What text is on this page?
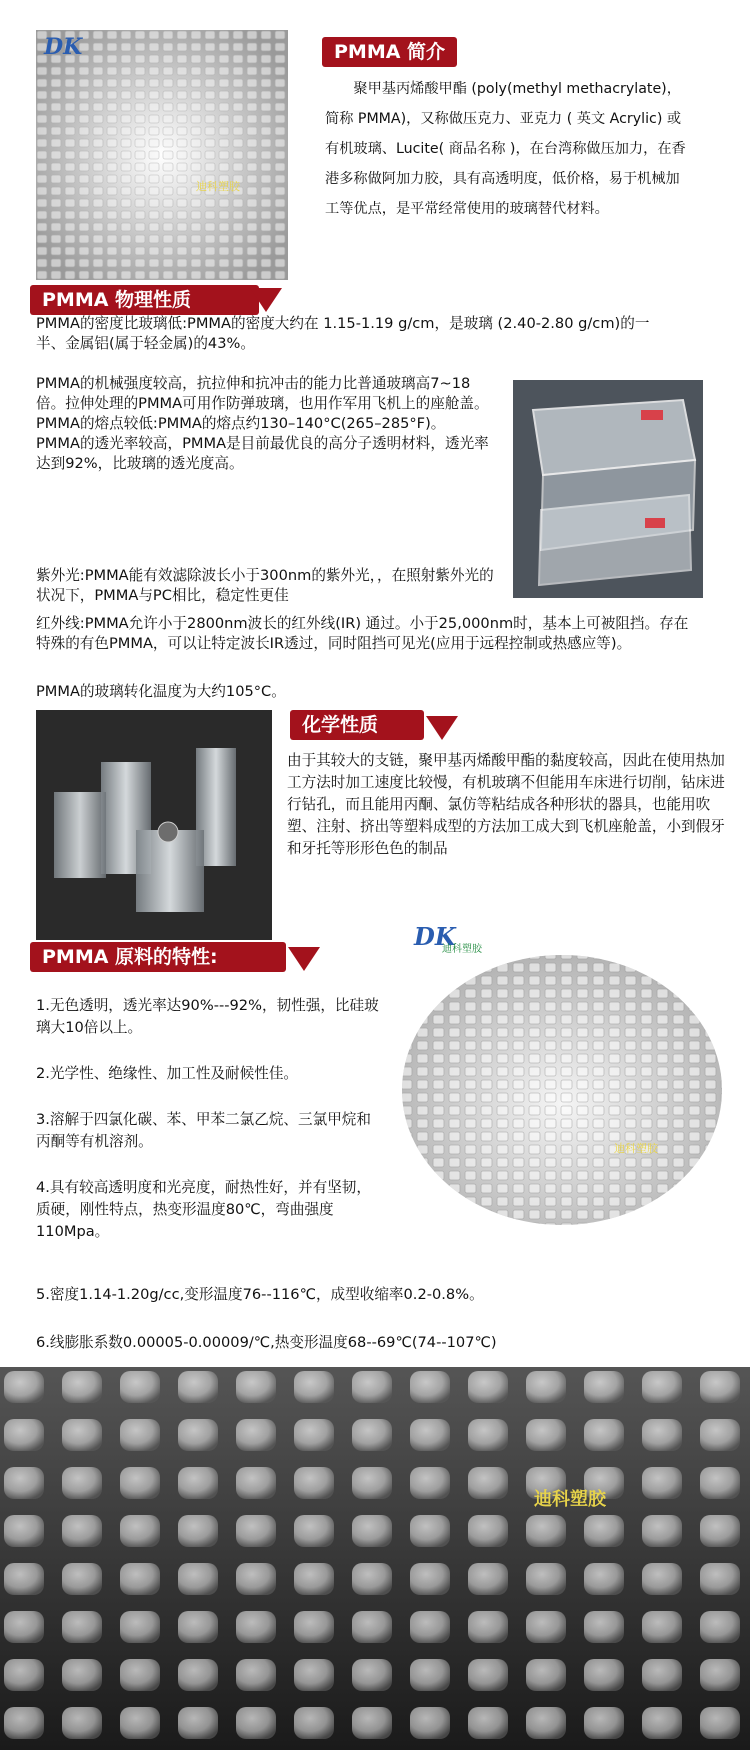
DK
迪科塑胶
PMMA 简介
　　聚甲基丙烯酸甲酯 (poly(methyl methacrylate)，简称 PMMA)，又称做压克力、亚克力 ( 英文 Acrylic) 或有机玻璃、Lucite( 商品名称 )，在台湾称做压加力，在香港多称做阿加力胶，具有高透明度，低价格，易于机械加工等优点，是平常经常使用的玻璃替代材料。
PMMA 物理性质

PMMA的密度比玻璃低:PMMA的密度大约在 1.15-1.19 g/cm，是玻璃 (2.40-2.80 g/cm)的一半、金属铝(属于轻金属)的43%。

PMMA的机械强度较高，抗拉伸和抗冲击的能力比普通玻璃高7~18倍。拉伸处理的PMMA可用作防弹玻璃，也用作军用飞机上的座舱盖。

PMMA的熔点较低:PMMA的熔点约130–140°C(265–285°F)。

PMMA的透光率较高，PMMA是目前最优良的高分子透明材料，透光率达到92%，比玻璃的透光度高。

紫外光:PMMA能有效滤除波长小于300nm的紫外光，，在照射紫外光的状况下，PMMA与PC相比，稳定性更佳

红外线:PMMA允许小于2800nm波长的红外线(IR) 通过。小于25,000nm时，基本上可被阻挡。存在特殊的有色PMMA，可以让特定波长IR透过，同时阻挡可见光(应用于远程控制或热感应等)。

PMMA的玻璃转化温度为大约105°C。

化学性质

由于其较大的支链，聚甲基丙烯酸甲酯的黏度较高，因此在使用热加工方法时加工速度比较慢，有机玻璃不但能用车床进行切削，钻床进行钻孔，而且能用丙酮、氯仿等粘结成各种形状的器具，也能用吹塑、注射、挤出等塑料成型的方法加工成大到飞机座舱盖，小到假牙和牙托等形形色色的制品

PMMA 原料的特性:
DK
迪科塑胶
迪科塑胶

1.无色透明，透光率达90%---92%，韧性强，比硅玻璃大10倍以上。

2.光学性、绝缘性、加工性及耐候性佳。

3.溶解于四氯化碳、苯、甲苯二氯乙烷、三氯甲烷和丙酮等有机溶剂。

4.具有较高透明度和光亮度，耐热性好，并有坚韧，质硬，刚性特点，热变形温度80℃，弯曲强度110Mpa。

5.密度1.14-1.20g/cc,变形温度76--116℃，成型收缩率0.2-0.8%。

6.线膨胀系数0.00005-0.00009/℃,热变形温度68--69℃(74--107℃)

迪科塑胶
